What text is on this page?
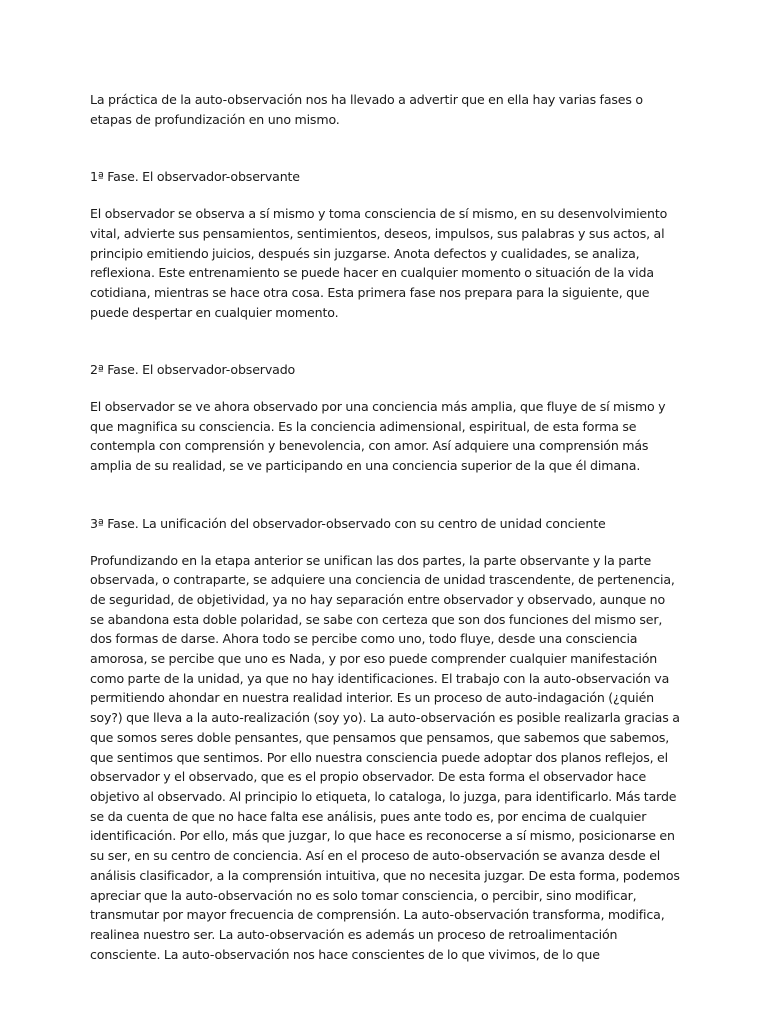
La práctica de la auto-observación nos ha llevado a advertir que en ella hay varias fases o etapas de profundización en uno mismo.

1ª Fase. El observador-observante

El observador se observa a sí mismo y toma consciencia de sí mismo, en su desenvolvimiento vital, advierte sus pensamientos, sentimientos, deseos, impulsos, sus palabras y sus actos, al principio emitiendo juicios, después sin juzgarse. Anota defectos y cualidades, se analiza, reflexiona. Este entrenamiento se puede hacer en cualquier momento o situación de la vida cotidiana, mientras se hace otra cosa. Esta primera fase nos prepara para la siguiente, que puede despertar en cualquier momento.

2ª Fase. El observador-observado

El observador se ve ahora observado por una conciencia más amplia, que fluye de sí mismo y que magnifica su consciencia. Es la conciencia adimensional, espiritual, de esta forma se contempla con comprensión y benevolencia, con amor. Así adquiere una comprensión más amplia de su realidad, se ve participando en una conciencia superior de la que él dimana.

3ª Fase. La unificación del observador-observado con su centro de unidad conciente

Profundizando en la etapa anterior se unifican las dos partes, la parte observante y la parte observada, o contraparte, se adquiere una conciencia de unidad trascendente, de pertenencia, de seguridad, de objetividad, ya no hay separación entre observador y observado, aunque no se abandona esta doble polaridad, se sabe con certeza que son dos funciones del mismo ser, dos formas de darse. Ahora todo se percibe como uno, todo fluye, desde una consciencia amorosa, se percibe que uno es Nada, y por eso puede comprender cualquier manifestación como parte de la unidad, ya que no hay identificaciones. El trabajo con la auto-observación va permitiendo ahondar en nuestra realidad interior. Es un proceso de auto-indagación (¿quién soy?) que lleva a la auto-realización (soy yo). La auto-observación es posible realizarla gracias a que somos seres doble pensantes, que pensamos que pensamos, que sabemos que sabemos, que sentimos que sentimos. Por ello nuestra consciencia puede adoptar dos planos reflejos, el observador y el observado, que es el propio observador. De esta forma el observador hace objetivo al observado. Al principio lo etiqueta, lo cataloga, lo juzga, para identificarlo. Más tarde se da cuenta de que no hace falta ese análisis, pues ante todo es, por encima de cualquier identificación. Por ello, más que juzgar, lo que hace es reconocerse a sí mismo, posicionarse en su ser, en su centro de conciencia. Así en el proceso de auto-observación se avanza desde el análisis clasificador, a la comprensión intuitiva, que no necesita juzgar. De esta forma, podemos apreciar que la auto-observación no es solo tomar consciencia, o percibir, sino modificar, transmutar por mayor frecuencia de comprensión. La auto-observación transforma, modifica, realinea nuestro ser. La auto-observación es además un proceso de retroalimentación consciente. La auto-observación nos hace conscientes de lo que vivimos, de lo que
